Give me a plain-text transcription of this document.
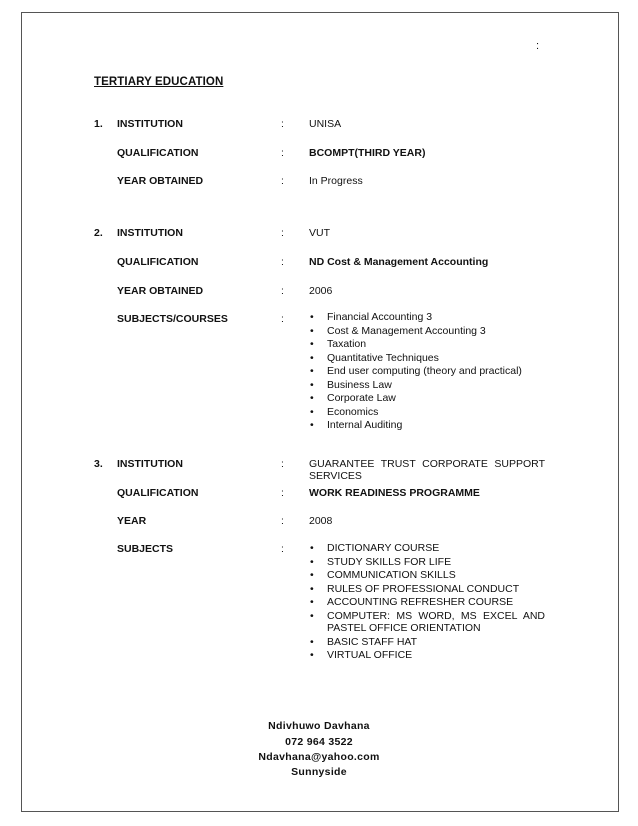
:
TERTIARY EDUCATION
1. INSTITUTION	: UNISA
QUALIFICATION	: BCOMPT(THIRD YEAR)
YEAR OBTAINED	: In Progress
2. INSTITUTION	: VUT
QUALIFICATION	: ND Cost & Management Accounting
YEAR OBTAINED	: 2006
SUBJECTS/COURSES	: • Financial Accounting 3
• Cost & Management Accounting 3
• Taxation
• Quantitative Techniques
• End user computing (theory and practical)
• Business Law
• Corporate Law
• Economics
• Internal Auditing
3. INSTITUTION	: GUARANTEE TRUST CORPORATE SUPPORT
SERVICES
QUALIFICATION	: WORK READINESS PROGRAMME
YEAR	: 2008
SUBJECTS	: • DICTIONARY COURSE
• STUDY SKILLS FOR LIFE
• COMMUNICATION SKILLS
• RULES OF PROFESSIONAL CONDUCT
• ACCOUNTING REFRESHER COURSE
• COMPUTER: MS WORD, MS EXCEL AND
PASTEL OFFICE ORIENTATION
• BASIC STAFF HAT
• VIRTUAL OFFICE
Ndivhuwo Davhana
072 964 3522
Ndavhana@yahoo.com
Sunnyside
